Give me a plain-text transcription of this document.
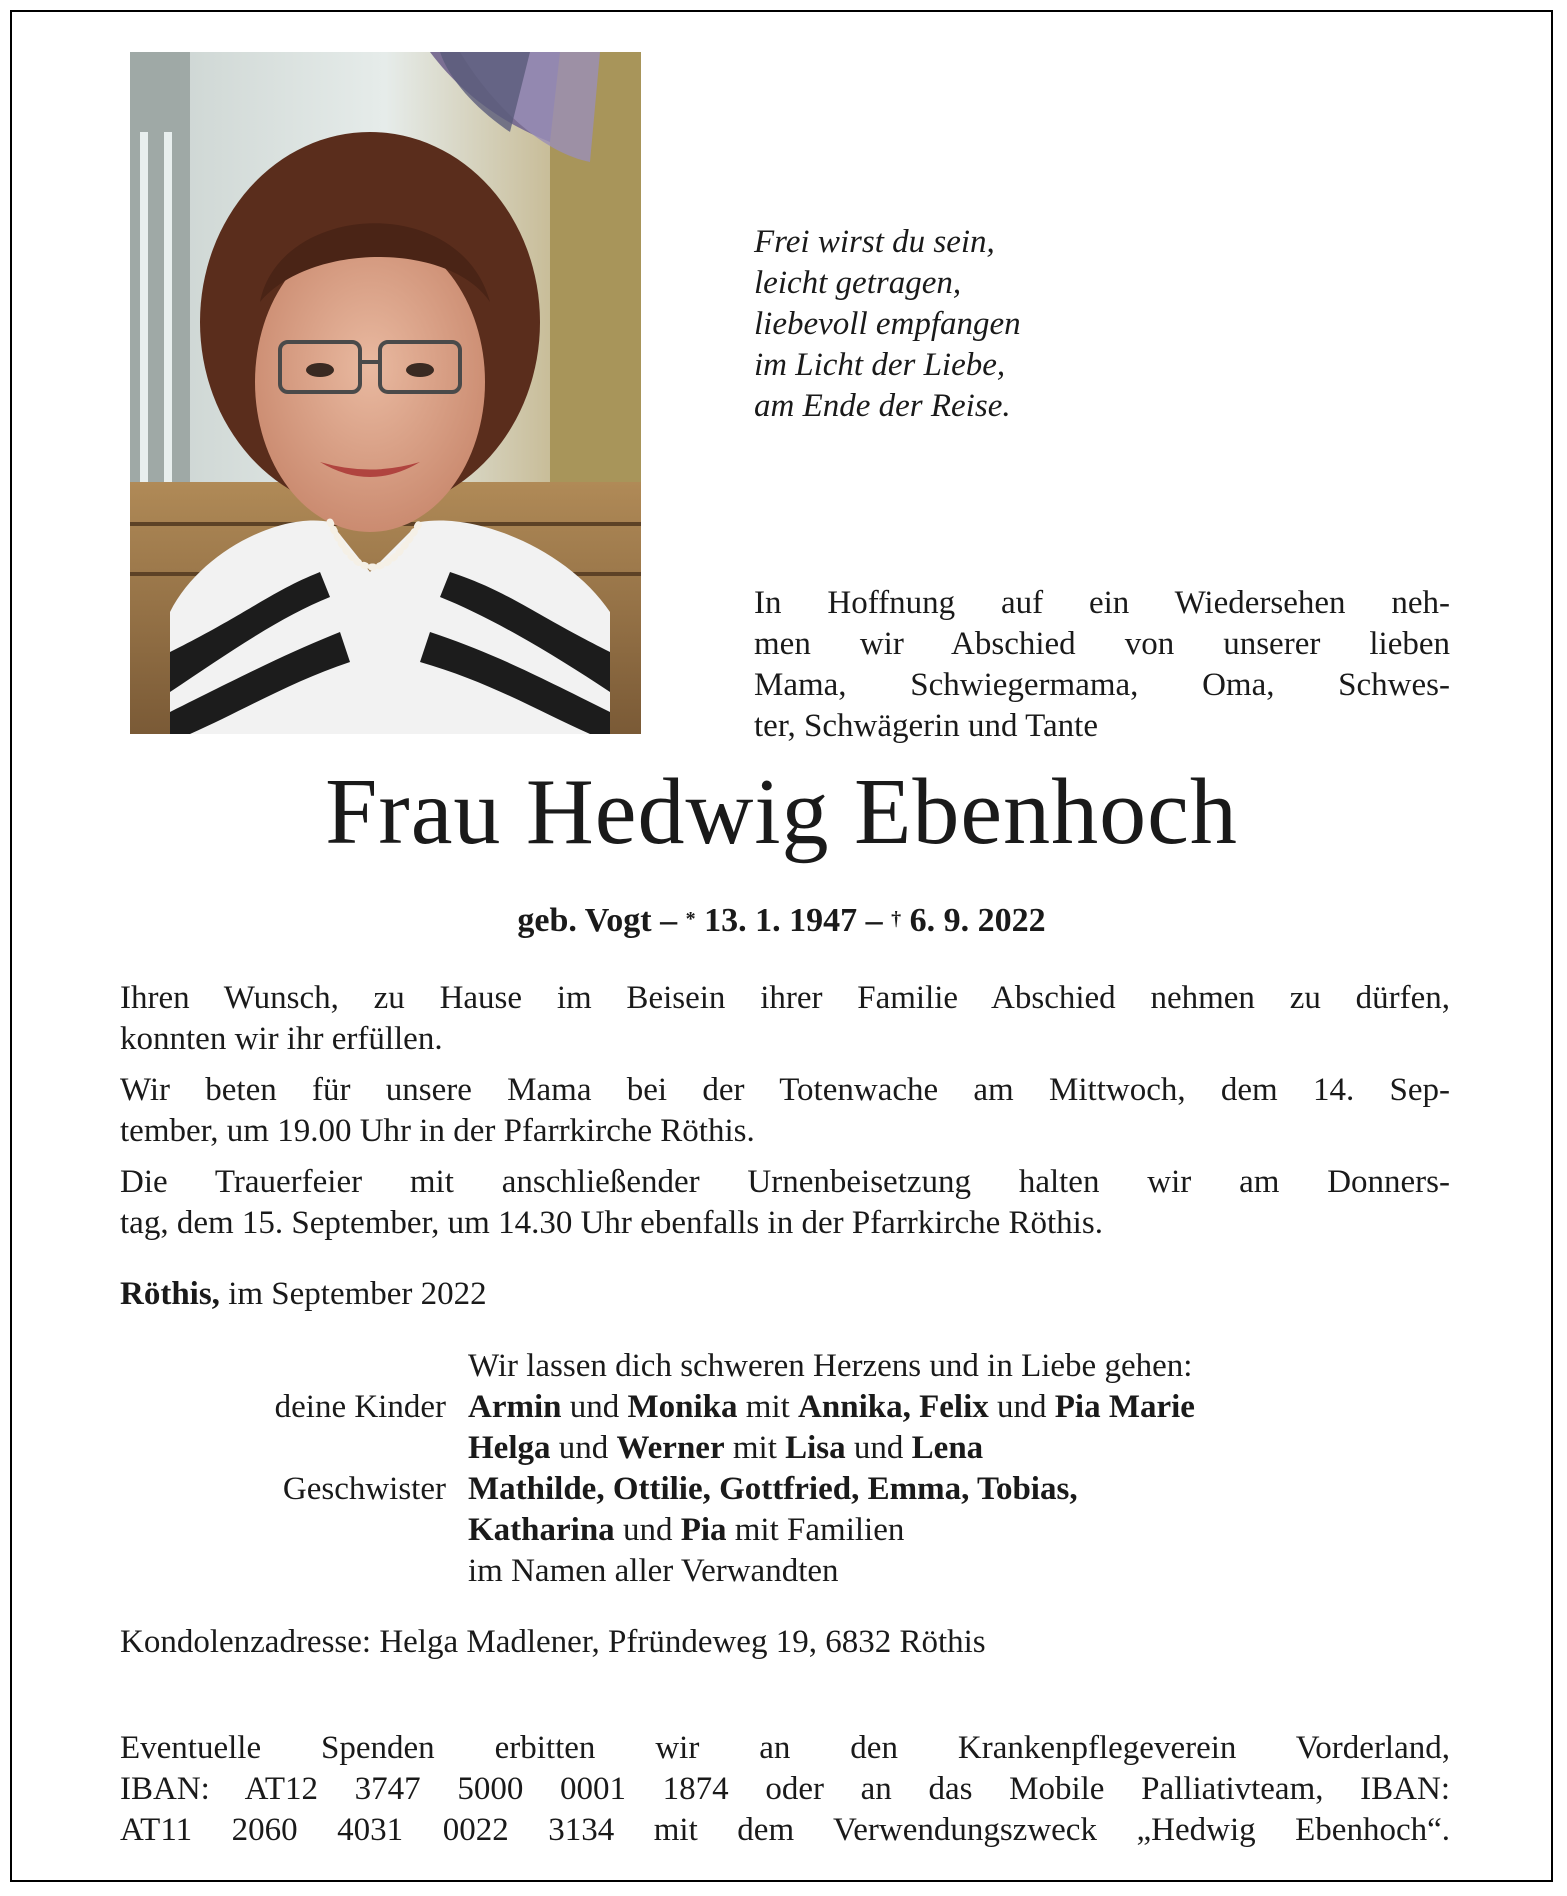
Frei wirst du sein,
leicht getragen,
liebevoll empfangen
im Licht der Liebe,
am Ende der Reise.
In Hoffnung auf ein Wiedersehen neh-
men wir Abschied von unserer lieben
Mama, Schwiegermama, Oma, Schwes-
ter, Schwägerin und Tante
Frau Hedwig Ebenhoch
geb. Vogt – * 13. 1. 1947 – † 6. 9. 2022
Ihren Wunsch, zu Hause im Beisein ihrer Familie Abschied nehmen zu dürfen,
konnten wir ihr erfüllen.
Wir beten für unsere Mama bei der Totenwache am Mittwoch, dem 14. Sep-
tember, um 19.00 Uhr in der Pfarrkirche Röthis.
Die Trauerfeier mit anschließender Urnenbeisetzung halten wir am Donners-
tag, dem 15. September, um 14.30 Uhr ebenfalls in der Pfarrkirche Röthis.
Röthis, im September 2022
Wir lassen dich schweren Herzens und in Liebe gehen:
deine Kinder Armin und Monika mit Annika, Felix und Pia Marie
Helga und Werner mit Lisa und Lena
Geschwister Mathilde, Ottilie, Gottfried, Emma, Tobias,
Katharina und Pia mit Familien
im Namen aller Verwandten
Kondolenzadresse: Helga Madlener, Pfründeweg 19, 6832 Röthis
Eventuelle Spenden erbitten wir an den Krankenpflegeverein Vorderland,
IBAN: AT12 3747 5000 0001 1874 oder an das Mobile Palliativteam, IBAN:
AT11 2060 4031 0022 3134 mit dem Verwendungszweck „Hedwig Ebenhoch“.
